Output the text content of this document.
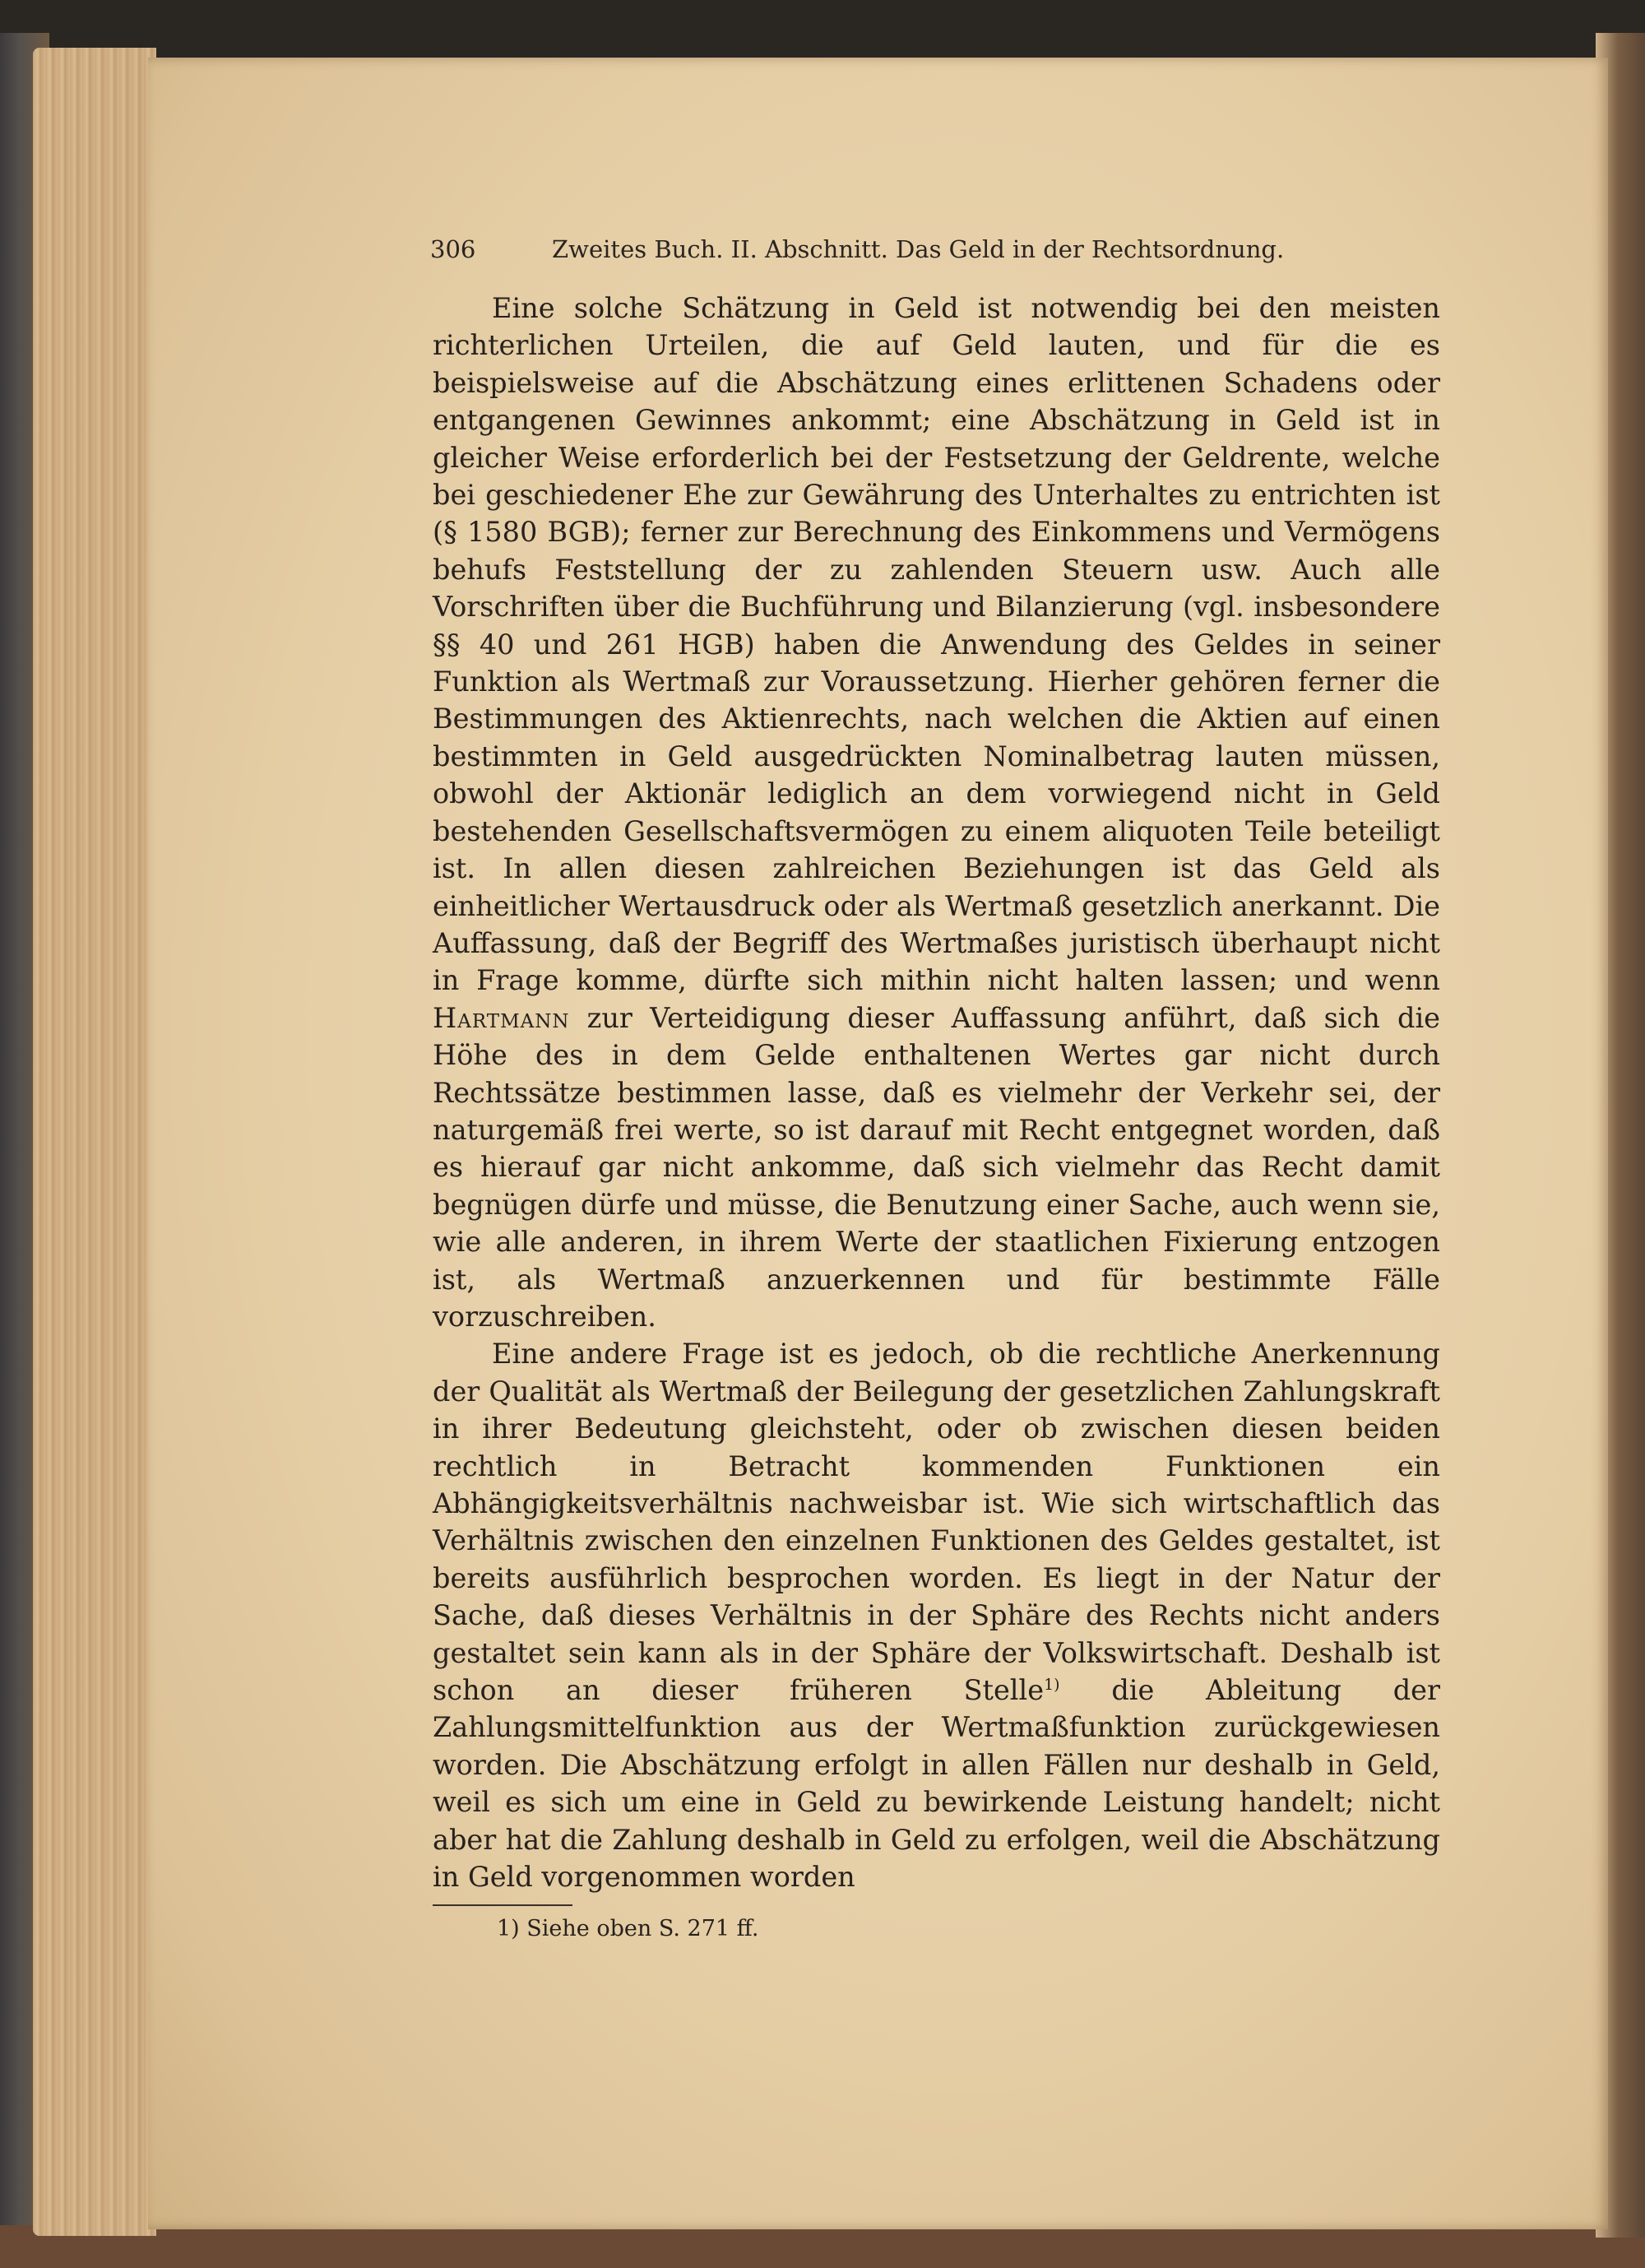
306	Zweites Buch. II. Abschnitt. Das Geld in der Rechtsordnung.

Eine solche Schätzung in Geld ist notwendig bei den meisten richterlichen Urteilen, die auf Geld lauten, und für die es beispielsweise auf die Abschätzung eines erlittenen Schadens oder entgangenen Gewinnes ankommt; eine Abschätzung in Geld ist in gleicher Weise erforderlich bei der Festsetzung der Geldrente, welche bei geschiedener Ehe zur Gewährung des Unterhaltes zu entrichten ist (§ 1580 BGB); ferner zur Berechnung des Einkommens und Vermögens behufs Feststellung der zu zahlenden Steuern usw. Auch alle Vorschriften über die Buchführung und Bilanzierung (vgl. insbesondere §§ 40 und 261 HGB) haben die Anwendung des Geldes in seiner Funktion als Wertmaß zur Voraussetzung. Hierher gehören ferner die Bestimmungen des Aktienrechts, nach welchen die Aktien auf einen bestimmten in Geld ausgedrückten Nominalbetrag lauten müssen, obwohl der Aktionär lediglich an dem vorwiegend nicht in Geld bestehenden Gesellschaftsvermögen zu einem aliquoten Teile beteiligt ist. In allen diesen zahlreichen Beziehungen ist das Geld als einheitlicher Wertausdruck oder als Wertmaß gesetzlich anerkannt. Die Auffassung, daß der Begriff des Wertmaßes juristisch überhaupt nicht in Frage komme, dürfte sich mithin nicht halten lassen; und wenn Hartmann zur Verteidigung dieser Auffassung anführt, daß sich die Höhe des in dem Gelde enthaltenen Wertes gar nicht durch Rechtssätze bestimmen lasse, daß es vielmehr der Verkehr sei, der naturgemäß frei werte, so ist darauf mit Recht entgegnet worden, daß es hierauf gar nicht ankomme, daß sich vielmehr das Recht damit begnügen dürfe und müsse, die Benutzung einer Sache, auch wenn sie, wie alle anderen, in ihrem Werte der staatlichen Fixierung entzogen ist, als Wertmaß anzuerkennen und für bestimmte Fälle vorzuschreiben.

Eine andere Frage ist es jedoch, ob die rechtliche Anerkennung der Qualität als Wertmaß der Beilegung der gesetzlichen Zahlungskraft in ihrer Bedeutung gleichsteht, oder ob zwischen diesen beiden rechtlich in Betracht kommenden Funktionen ein Abhängigkeitsverhältnis nachweisbar ist. Wie sich wirtschaftlich das Verhältnis zwischen den einzelnen Funktionen des Geldes gestaltet, ist bereits ausführlich besprochen worden. Es liegt in der Natur der Sache, daß dieses Verhältnis in der Sphäre des Rechts nicht anders gestaltet sein kann als in der Sphäre der Volkswirtschaft. Deshalb ist schon an dieser früheren Stelle$^{1)}$ die Ableitung der Zahlungsmittelfunktion aus der Wertmaßfunktion zurückgewiesen worden. Die Abschätzung erfolgt in allen Fällen nur deshalb in Geld, weil es sich um eine in Geld zu bewirkende Leistung handelt; nicht aber hat die Zahlung deshalb in Geld zu erfolgen, weil die Abschätzung in Geld vorgenommen worden

1) Siehe oben S. 271 ff.
